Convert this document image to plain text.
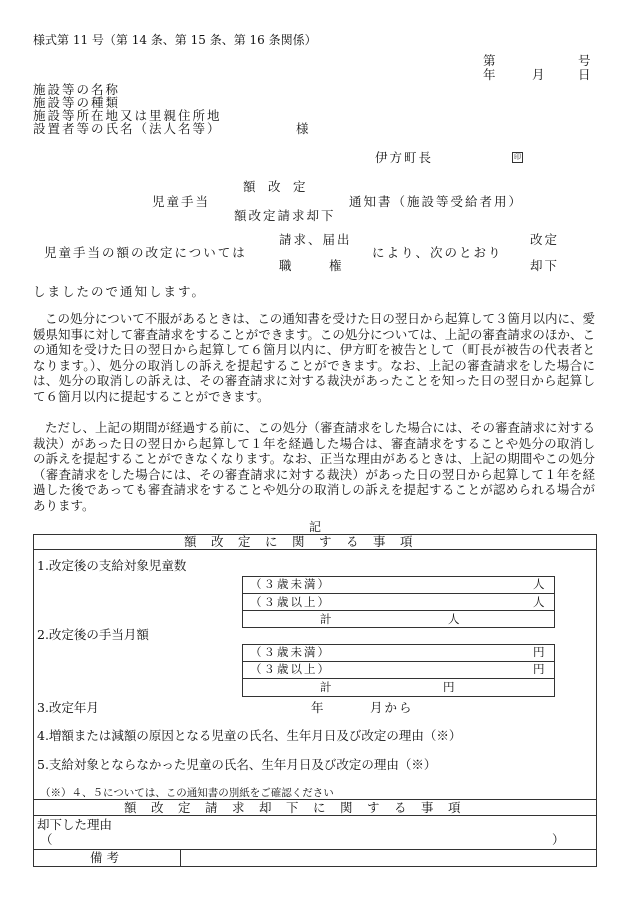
様式第 11 号（第 14 条、第 15 条、第 16 条関係）
第	号
年	月	日
施設等の名称
施設等の種類
施設等所在地又は里親住所地
設置者等の氏名（法人名等）	様
伊方町長	印
額　改　定
児童手当	通知書（施設等受給者用）
額改定請求却下
請求、届出
児童手当の額の改定については	により、次のとおり
職　　　権
改定
却下
しましたので通知します。
この処分について不服があるときは、この通知書を受けた日の翌日から起算して３箇月以内に、愛媛県知事に対して審査請求をすることができます。この処分については、上記の審査請求のほか、この通知を受けた日の翌日から起算して６箇月以内に、伊方町を被告として（町長が被告の代表者となります。）、処分の取消しの訴えを提起することができます。なお、上記の審査請求をした場合には、処分の取消しの訴えは、その審査請求に対する裁決があったことを知った日の翌日から起算して６箇月以内に提起することができます。
ただし、上記の期間が経過する前に、この処分（審査請求をした場合には、その審査請求に対する裁決）があった日の翌日から起算して１年を経過した場合は、審査請求をすることや処分の取消しの訴えを提起することができなくなります。なお、正当な理由があるときは、上記の期間やこの処分（審査請求をした場合には、その審査請求に対する裁決）があった日の翌日から起算して１年を経過した後であっても審査請求をすることや処分の取消しの訴えを提起することが認められる場合があります。
記
額　改　定　に　関　す　る　事　項
1.改定後の支給対象児童数
（３歳未満）	人
（３歳以上）	人
計	人
2.改定後の手当月額
（３歳未満）	円
（３歳以上）	円
計	円
3.改定年月	年	月から
4.増額または減額の原因となる児童の氏名、生年月日及び改定の理由（※）
5.支給対象とならなかった児童の氏名、生年月日及び改定の理由（※）
（※）４、５については、この通知書の別紙をご確認ください
額　改　定　請　求　却　下　に　関　す　る　事　項
却下した理由
（	）
備考
